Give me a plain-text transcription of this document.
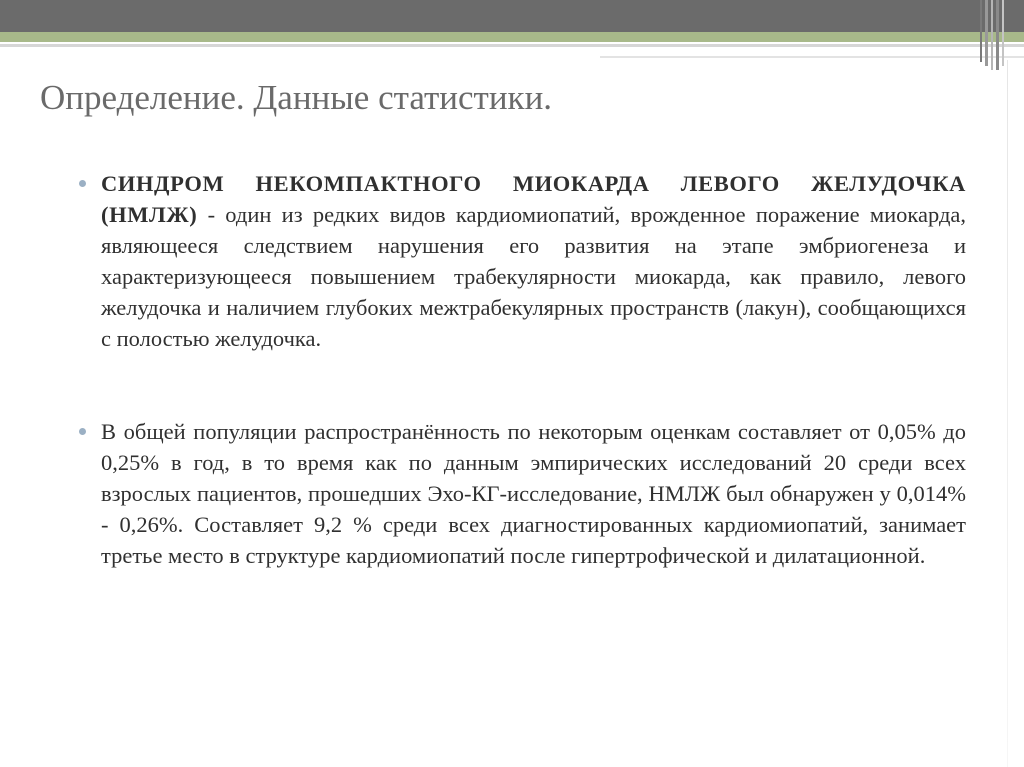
Определение. Данные статистики.
СИНДРОМ НЕКОМПАКТНОГО МИОКАРДА ЛЕВОГО ЖЕЛУДОЧКА (НМЛЖ) - один из редких видов кардиомиопатий, врожденное поражение миокарда, являющееся следствием нарушения его развития на этапе эмбриогенеза и характеризующееся повышением трабекулярности миокарда, как правило, левого желудочка и наличием глубоких межтрабекулярных пространств (лакун), сообщающихся с полостью желудочка.
В общей популяции распространённость по некоторым оценкам составляет от 0,05% до 0,25% в год, в то время как по данным эмпирических исследований 20 среди всех взрослых пациентов, прошедших Эхо-КГ-исследование, НМЛЖ был обнаружен у 0,014% - 0,26%. Составляет 9,2 % среди всех диагностированных кардиомиопатий, занимает третье место в структуре кардиомиопатий после гипертрофической и дилатационной.
